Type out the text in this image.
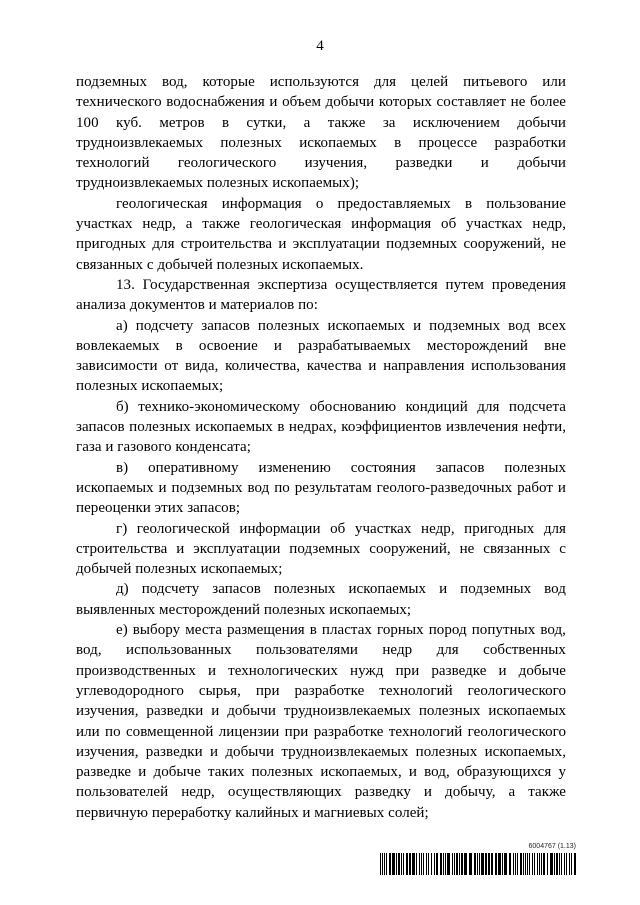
4

подземных вод, которые используются для целей питьевого или технического водоснабжения и объем добычи которых составляет не более 100 куб. метров в сутки, а также за исключением добычи трудноизвлекаемых полезных ископаемых в процессе разработки технологий геологического изучения, разведки и добычи трудноизвлекаемых полезных ископаемых);

геологическая информация о предоставляемых в пользование участках недр, а также геологическая информация об участках недр, пригодных для строительства и эксплуатации подземных сооружений, не связанных с добычей полезных ископаемых.

13. Государственная экспертиза осуществляется путем проведения анализа документов и материалов по:

а) подсчету запасов полезных ископаемых и подземных вод всех вовлекаемых в освоение и разрабатываемых месторождений вне зависимости от вида, количества, качества и направления использования полезных ископаемых;

б) технико-экономическому обоснованию кондиций для подсчета запасов полезных ископаемых в недрах, коэффициентов извлечения нефти, газа и газового конденсата;

в) оперативному изменению состояния запасов полезных ископаемых и подземных вод по результатам геолого-разведочных работ и переоценки этих запасов;

г) геологической информации об участках недр, пригодных для строительства и эксплуатации подземных сооружений, не связанных с добычей полезных ископаемых;

д) подсчету запасов полезных ископаемых и подземных вод выявленных месторождений полезных ископаемых;

е) выбору места размещения в пластах горных пород попутных вод, вод, использованных пользователями недр для собственных производственных и технологических нужд при разведке и добыче углеводородного сырья, при разработке технологий геологического изучения, разведки и добычи трудноизвлекаемых полезных ископаемых или по совмещенной лицензии при разработке технологий геологического изучения, разведки и добычи трудноизвлекаемых полезных ископаемых, разведке и добыче таких полезных ископаемых, и вод, образующихся у пользователей недр, осуществляющих разведку и добычу, а также первичную переработку калийных и магниевых солей;

6004767 (1.13)
